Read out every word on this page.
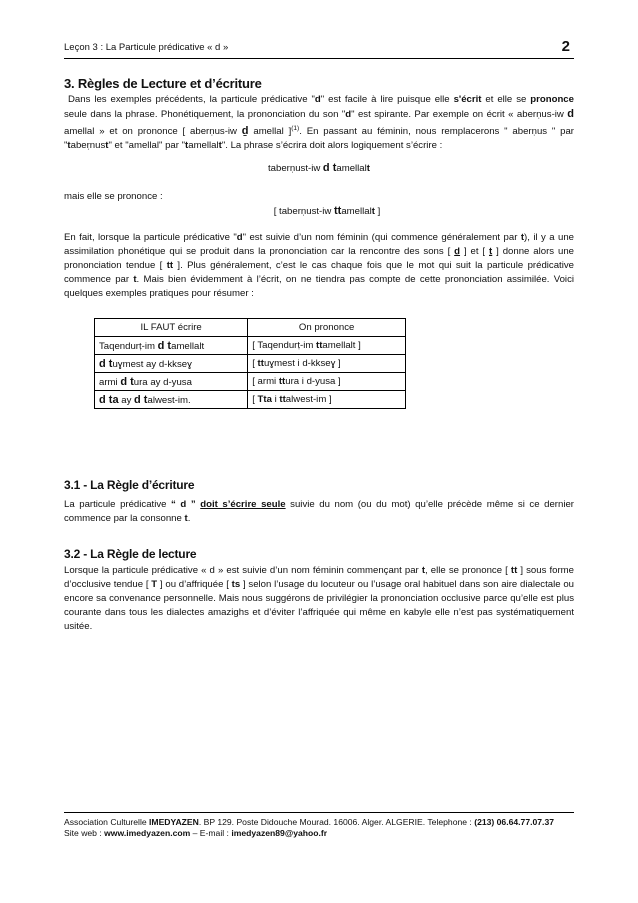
Leçon 3 : La Particule prédicative « d »	2
3. Règles de Lecture et d’écriture

Dans les exemples précédents, la particule prédicative "d" est facile à lire puisque elle s'écrit et elle se prononce seule dans la phrase. Phonétiquement, la prononciation du son "d" est spirante. Par exemple on écrit « aberṇus-iw d amellal » et on prononce [ aberṇus-iw ḏ amellal ]$^{(1)}$. En passant au féminin, nous remplacerons " aberṇus " par "tabeṛnust" et "amellal" par "tamellalt". La phrase s’écrira doit alors logiquement s’écrire :

taberṇust-iw d tamellalt

mais elle se prononce :

[ taberṇust-iw ttamellalt ]

En fait, lorsque la particule prédicative "d" est suivie d’un nom féminin (qui commence généralement par t), il y a une assimilation phonétique qui se produit dans la prononciation car la rencontre des sons [ ḏ ] et [ ṯ ] donne alors une prononciation tendue [ tt ]. Plus généralement, c’est le cas chaque fois que le mot qui suit la particule prédicative commence par t. Mais bien évidemment à l’écrit, on ne tiendra pas compte de cette prononciation assimilée. Voici quelques exemples pratiques pour résumer :

IL FAUT écrire	On prononce
Taqendurṭ-im d tamellalt	[ Taqendurṭ-im ttamellalt ]
d tuɣmest ay d-kkseɣ	[ ttuɣmest i d-kkseɣ ]
armi d tura ay d-yusa	[ armi ttura i d-yusa ]
d ta ay d talwest-im.	[ Tta i ttalwest-im ]
3.1 - La Règle d’écriture

La particule prédicative “ d ” doit s’écrire seule suivie du nom (ou du mot) qu’elle précède même si ce dernier commence par la consonne t.

3.2 - La Règle de lecture

Lorsque la particule prédicative « d » est suivie d’un nom féminin commençant par t, elle se prononce [ tt ] sous forme d’occlusive tendue [ T ] ou d’affriquée [ ts ] selon l’usage du locuteur ou l’usage oral habituel dans son aire dialectale ou encore sa convenance personnelle. Mais nous suggérons de privilégier la prononciation occlusive parce qu’elle est plus courante dans tous les dialectes amazighs et d’éviter l’affriquée qui même en kabyle elle n’est pas systématiquement usitée.

Association Culturelle IMEDYAZEN. BP 129. Poste Didouche Mourad. 16006. Alger. ALGERIE. Telephone : (213) 06.64.77.07.37
Site web : www.imedyazen.com – E-mail : imedyazen89@yahoo.fr
